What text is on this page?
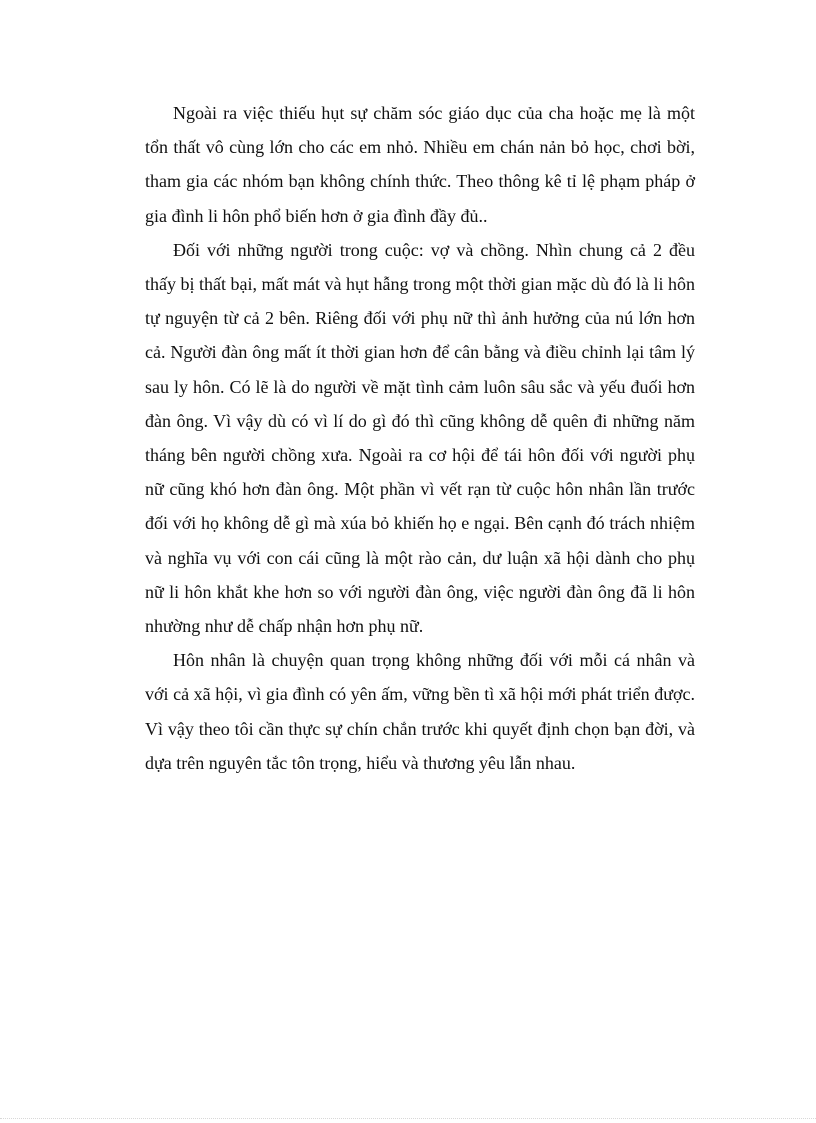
Ngoài ra việc thiếu hụt sự chăm sóc giáo dục của cha hoặc mẹ là một tổn thất vô cùng lớn cho các em nhỏ. Nhiều em chán nản bỏ học, chơi bời, tham gia các nhóm bạn không chính thức. Theo thông kê tỉ lệ phạm pháp ở gia đình li hôn phổ biến hơn ở gia đình đầy đủ..

Đối với những người trong cuộc: vợ và chồng. Nhìn chung cả 2 đều thấy bị thất bại, mất mát và hụt hẫng trong một thời gian mặc dù đó là li hôn tự nguyện từ cả 2 bên. Riêng đối với phụ nữ thì ảnh hưởng của nú lớn hơn cả. Người đàn ông mất ít thời gian hơn để cân bằng và điều chỉnh lại tâm lý sau ly hôn. Có lẽ là do người về mặt tình cảm luôn sâu sắc và yếu đuối hơn đàn ông. Vì vậy dù có vì lí do gì đó thì cũng không dễ quên đi những năm tháng bên người chồng xưa. Ngoài ra cơ hội để tái hôn đối với người phụ nữ cũng khó hơn đàn ông. Một phần vì vết rạn từ cuộc hôn nhân lần trước đối với họ không dễ gì mà xúa bỏ khiến họ e ngại. Bên cạnh đó trách nhiệm và nghĩa vụ với con cái cũng là một rào cản, dư luận xã hội dành cho phụ nữ li hôn khắt khe hơn so với người đàn ông, việc người đàn ông đã li hôn nhường như dễ chấp nhận hơn phụ nữ.

Hôn nhân là chuyện quan trọng không những đối với mỗi cá nhân và với cả xã hội, vì gia đình có yên ấm, vững bền tì xã hội mới phát triển được. Vì vậy theo tôi cần thực sự chín chắn trước khi quyết định chọn bạn đời, và dựa trên nguyên tắc tôn trọng, hiểu và thương yêu lẫn nhau.
